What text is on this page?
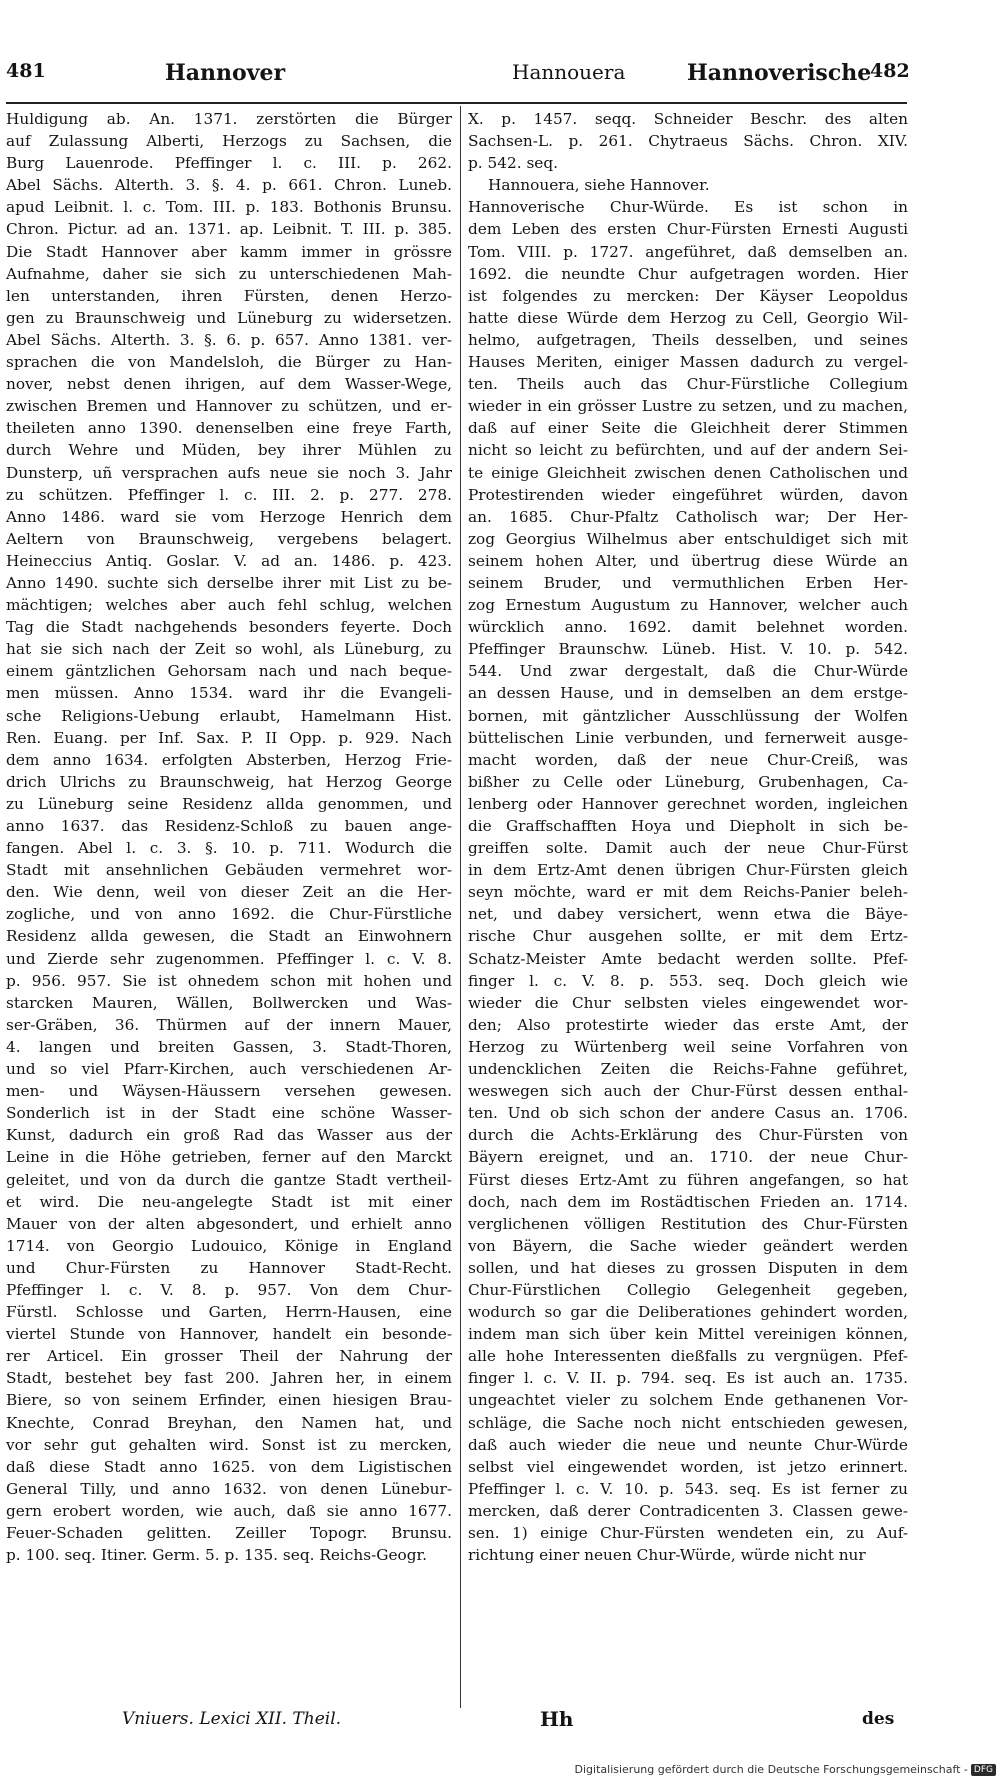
481	Hannover	Hannouera	Hannoverische
482
Huldigung ab. An. 1371. zerstörten die Bürger
auf Zulassung Alberti, Herzogs zu Sachsen, die
Burg Lauenrode. Pfeffinger l. c. III. p. 262.
Abel Sächs. Alterth. 3. §. 4. p. 661. Chron. Luneb.
apud Leibnit. l. c. Tom. III. p. 183. Bothonis Brunsu.
Chron. Pictur. ad an. 1371. ap. Leibnit. T. III. p. 385.
Die Stadt Hannover aber kamm immer in grössre
Aufnahme, daher sie sich zu unterschiedenen Mah-
len unterstanden, ihren Fürsten, denen Herzo-
gen zu Braunschweig und Lüneburg zu widersetzen.
Abel Sächs. Alterth. 3. §. 6. p. 657. Anno 1381. ver-
sprachen die von Mandelsloh, die Bürger zu Han-
nover, nebst denen ihrigen, auf dem Wasser-Wege,
zwischen Bremen und Hannover zu schützen, und er-
theileten anno 1390. denenselben eine freye Farth,
durch Wehre und Müden, bey ihrer Mühlen zu
Dunsterp, uñ versprachen aufs neue sie noch 3. Jahr
zu schützen. Pfeffinger l. c. III. 2. p. 277. 278.
Anno 1486. ward sie vom Herzoge Henrich dem
Aeltern von Braunschweig, vergebens belagert.
Heineccius Antiq. Goslar. V. ad an. 1486. p. 423.
Anno 1490. suchte sich derselbe ihrer mit List zu be-
mächtigen; welches aber auch fehl schlug, welchen
Tag die Stadt nachgehends besonders feyerte. Doch
hat sie sich nach der Zeit so wohl, als Lüneburg, zu
einem gäntzlichen Gehorsam nach und nach beque-
men müssen. Anno 1534. ward ihr die Evangeli-
sche Religions-Uebung erlaubt, Hamelmann Hist.
Ren. Euang. per Inf. Sax. P. II Opp. p. 929. Nach
dem anno 1634. erfolgten Absterben, Herzog Frie-
drich Ulrichs zu Braunschweig, hat Herzog George
zu Lüneburg seine Residenz allda genommen, und
anno 1637. das Residenz-Schloß zu bauen ange-
fangen. Abel l. c. 3. §. 10. p. 711. Wodurch die
Stadt mit ansehnlichen Gebäuden vermehret wor-
den. Wie denn, weil von dieser Zeit an die Her-
zogliche, und von anno 1692. die Chur-Fürstliche
Residenz allda gewesen, die Stadt an Einwohnern
und Zierde sehr zugenommen. Pfeffinger l. c. V. 8.
p. 956. 957. Sie ist ohnedem schon mit hohen und
starcken Mauren, Wällen, Bollwercken und Was-
ser-Gräben, 36. Thürmen auf der innern Mauer,
4. langen und breiten Gassen, 3. Stadt-Thoren,
und so viel Pfarr-Kirchen, auch verschiedenen Ar-
men- und Wäysen-Häussern versehen gewesen.
Sonderlich ist in der Stadt eine schöne Wasser-
Kunst, dadurch ein groß Rad das Wasser aus der
Leine in die Höhe getrieben, ferner auf den Marckt
geleitet, und von da durch die gantze Stadt vertheil-
et wird. Die neu-angelegte Stadt ist mit einer
Mauer von der alten abgesondert, und erhielt anno
1714. von Georgio Ludouico, Könige in England
und Chur-Fürsten zu Hannover Stadt-Recht.
Pfeffinger l. c. V. 8. p. 957. Von dem Chur-
Fürstl. Schlosse und Garten, Herrn-Hausen, eine
viertel Stunde von Hannover, handelt ein besonde-
rer Articel. Ein grosser Theil der Nahrung der
Stadt, bestehet bey fast 200. Jahren her, in einem
Biere, so von seinem Erfinder, einen hiesigen Brau-
Knechte, Conrad Breyhan, den Namen hat, und
vor sehr gut gehalten wird. Sonst ist zu mercken,
daß diese Stadt anno 1625. von dem Ligistischen
General Tilly, und anno 1632. von denen Lünebur-
gern erobert worden, wie auch, daß sie anno 1677.
Feuer-Schaden gelitten. Zeiller Topogr. Brunsu.
p. 100. seq. Itiner. Germ. 5. p. 135. seq. Reichs-Geogr.
X. p. 1457. seqq. Schneider Beschr. des alten
Sachsen-L. p. 261. Chytraeus Sächs. Chron. XIV.
p. 542. seq.
Hannouera, siehe Hannover.
Hannoverische Chur-Würde. Es ist schon in
dem Leben des ersten Chur-Fürsten Ernesti Augusti
Tom. VIII. p. 1727. angeführet, daß demselben an.
1692. die neundte Chur aufgetragen worden. Hier
ist folgendes zu mercken: Der Käyser Leopoldus
hatte diese Würde dem Herzog zu Cell, Georgio Wil-
helmo, aufgetragen, Theils desselben, und seines
Hauses Meriten, einiger Massen dadurch zu vergel-
ten. Theils auch das Chur-Fürstliche Collegium
wieder in ein grösser Lustre zu setzen, und zu machen,
daß auf einer Seite die Gleichheit derer Stimmen
nicht so leicht zu befürchten, und auf der andern Sei-
te einige Gleichheit zwischen denen Catholischen und
Protestirenden wieder eingeführet würden, davon
an. 1685. Chur-Pfaltz Catholisch war; Der Her-
zog Georgius Wilhelmus aber entschuldiget sich mit
seinem hohen Alter, und übertrug diese Würde an
seinem Bruder, und vermuthlichen Erben Her-
zog Ernestum Augustum zu Hannover, welcher auch
würcklich anno. 1692. damit belehnet worden.
Pfeffinger Braunschw. Lüneb. Hist. V. 10. p. 542.
544. Und zwar dergestalt, daß die Chur-Würde
an dessen Hause, und in demselben an dem erstge-
bornen, mit gäntzlicher Ausschlüssung der Wolfen
büttelischen Linie verbunden, und fernerweit ausge-
macht worden, daß der neue Chur-Creiß, was
bißher zu Celle oder Lüneburg, Grubenhagen, Ca-
lenberg oder Hannover gerechnet worden, ingleichen
die Graffschafften Hoya und Diepholt in sich be-
greiffen solte. Damit auch der neue Chur-Fürst
in dem Ertz-Amt denen übrigen Chur-Fürsten gleich
seyn möchte, ward er mit dem Reichs-Panier beleh-
net, und dabey versichert, wenn etwa die Bäye-
rische Chur ausgehen sollte, er mit dem Ertz-
Schatz-Meister Amte bedacht werden sollte. Pfef-
finger l. c. V. 8. p. 553. seq. Doch gleich wie
wieder die Chur selbsten vieles eingewendet wor-
den; Also protestirte wieder das erste Amt, der
Herzog zu Würtenberg weil seine Vorfahren von
undencklichen Zeiten die Reichs-Fahne geführet,
weswegen sich auch der Chur-Fürst dessen enthal-
ten. Und ob sich schon der andere Casus an. 1706.
durch die Achts-Erklärung des Chur-Fürsten von
Bäyern ereignet, und an. 1710. der neue Chur-
Fürst dieses Ertz-Amt zu führen angefangen, so hat
doch, nach dem im Rostädtischen Frieden an. 1714.
verglichenen völligen Restitution des Chur-Fürsten
von Bäyern, die Sache wieder geändert werden
sollen, und hat dieses zu grossen Disputen in dem
Chur-Fürstlichen Collegio Gelegenheit gegeben,
wodurch so gar die Deliberationes gehindert worden,
indem man sich über kein Mittel vereinigen können,
alle hohe Interessenten dießfalls zu vergnügen. Pfef-
finger l. c. V. II. p. 794. seq. Es ist auch an. 1735.
ungeachtet vieler zu solchem Ende gethanenen Vor-
schläge, die Sache noch nicht entschieden gewesen,
daß auch wieder die neue und neunte Chur-Würde
selbst viel eingewendet worden, ist jetzo erinnert.
Pfeffinger l. c. V. 10. p. 543. seq. Es ist ferner zu
mercken, daß derer Contradicenten 3. Classen gewe-
sen. 1) einige Chur-Fürsten wendeten ein, zu Auf-
richtung einer neuen Chur-Würde, würde nicht nur
Vniuers. Lexici XII. Theil.	Hh	des
Digitalisierung gefördert durch die Deutsche Forschungsgemeinschaft - DFG
